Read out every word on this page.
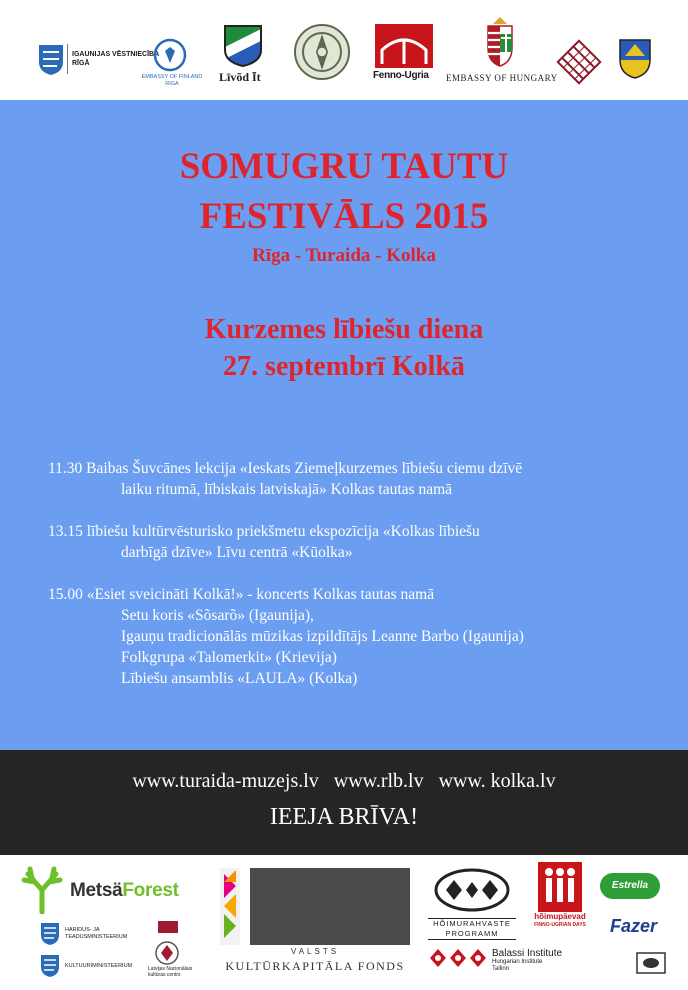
IGAUNIJAS VĒSTNIECĪBA
RĪGĀ
EMBASSY OF FINLAND
RIGA	Līvõd Īt	Fenno-Ugria EMBASSY OF HUNGARY
SOMUGRU TAUTU
FESTIVĀLS 2015
Rīga - Turaida - Kolka
Kurzemes lībiešu diena
27. septembrī Kolkā
11.30 Baibas Šuvcānes lekcija «Ieskats Ziemeļkurzemes lībiešu ciemu dzīvē
laiku ritumā, lībiskais latviskajā» Kolkas tautas namā
13.15 lībiešu kultūrvēsturisko priekšmetu ekspozīcija «Kolkas lībiešu
darbīgā dzīve» Līvu centrā «Kūolka»
15.00 «Esiet sveicināti Kolkā!» - koncerts Kolkas tautas namā
Setu koris «Sõsarõ» (Igaunija),
Igauņu tradicionālās mūzikas izpildītājs Leanne Barbo (Igaunija)
Folkgrupa «Talomerkit» (Krievija)
Lībiešu ansamblis «LAULA» (Kolka)
www.turaida-muzejs.lv   www.rlb.lv   www. kolka.lv
IEEJA BRĪVA!
MetsäForest
HARIDUS- JA
TEADUSMINISTEERIUM
KULTUURIMINISTEERIUM	Latvijas Nacionālais
kultūras centrs
VALSTS
KULTŪRKAPITĀLA FONDS
HÕIMURAHVASTE
PROGRAMM
hõimupäevad
FINNO-UGRIAN DAYS
Estrella
Fazer
Balassi Institute
Hungarian Institute
Tallinn
